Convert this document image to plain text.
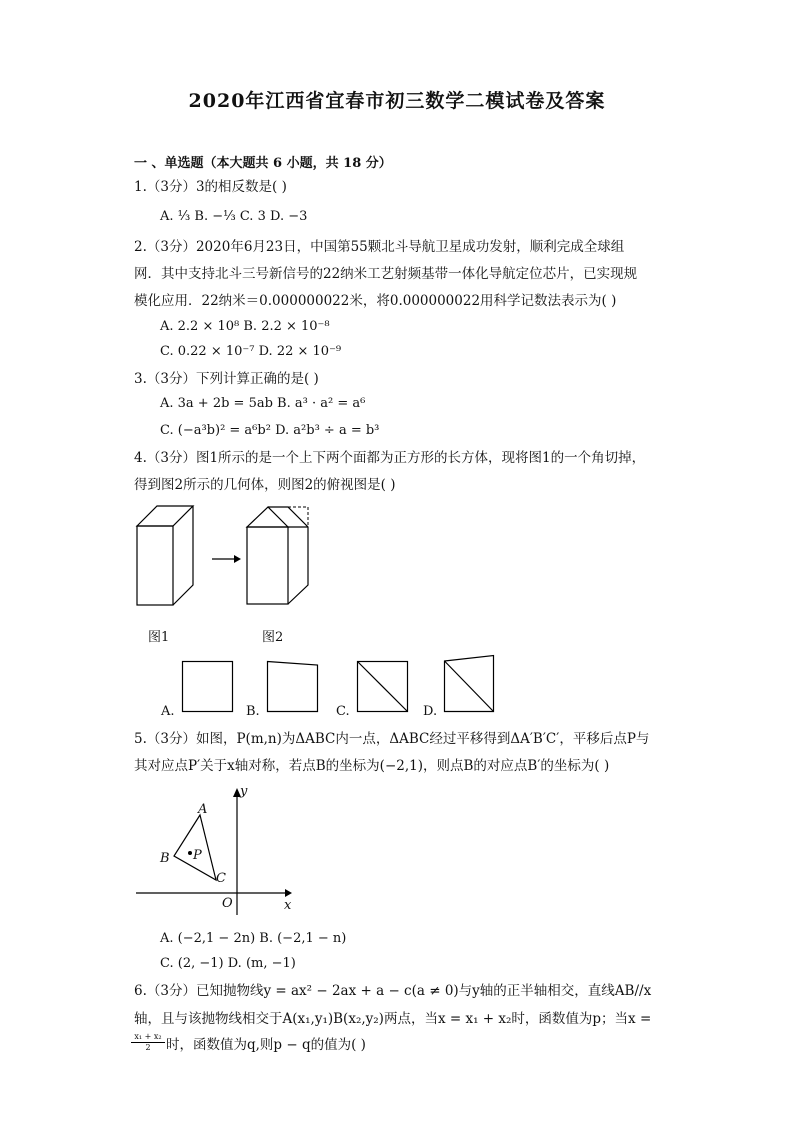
2020年江西省宜春市初三数学二模试卷及答案
一 、单选题（本大题共 6 小题，共 18 分）
1.（3分）3的相反数是( )
A. ⅓ B. −⅓ C. 3 D. −3
2.（3分）2020年6月23日，中国第55颗北斗导航卫星成功发射，顺利完成全球组
网．其中支持北斗三号新信号的22纳米工艺射频基带一体化导航定位芯片，已实现规
模化应用．22纳米＝0.000000022米，将0.000000022用科学记数法表示为( )
A. 2.2 × 10⁸ B. 2.2 × 10⁻⁸
C. 0.22 × 10⁻⁷ D. 22 × 10⁻⁹
3.（3分）下列计算正确的是( )
A. 3a + 2b = 5ab B. a³ · a² = a⁶
C. (−a³b)² = a⁶b² D. a²b³ ÷ a = b³
4.（3分）图1所示的是一个上下两个面都为正方形的长方体，现将图1的一个角切掉，
得到图2所示的几何体，则图2的俯视图是( )
图1	图2
A.	B.	C.	D.
5.（3分）如图，P(m,n)为ΔABC内一点，ΔABC经过平移得到ΔA′B′C′，平移后点P与
其对应点P′关于x轴对称，若点B的坐标为(−2,1)，则点B的对应点B′的坐标为( )
A
B
C
P
O	x
y
A. (−2,1 − 2n) B. (−2,1 − n)
C. (2, −1) D. (m, −1)
6.（3分）已知抛物线y = ax² − 2ax + a − c(a ≠ 0)与y轴的正半轴相交，直线AB//x
轴，且与该抛物线相交于A(x₁,y₁)B(x₂,y₂)两点，当x = x₁ + x₂时，函数值为p；当x =
$\frac{\text{x₁ + x₂}}{2}$ 时，函数值为q,则p − q的值为( )
